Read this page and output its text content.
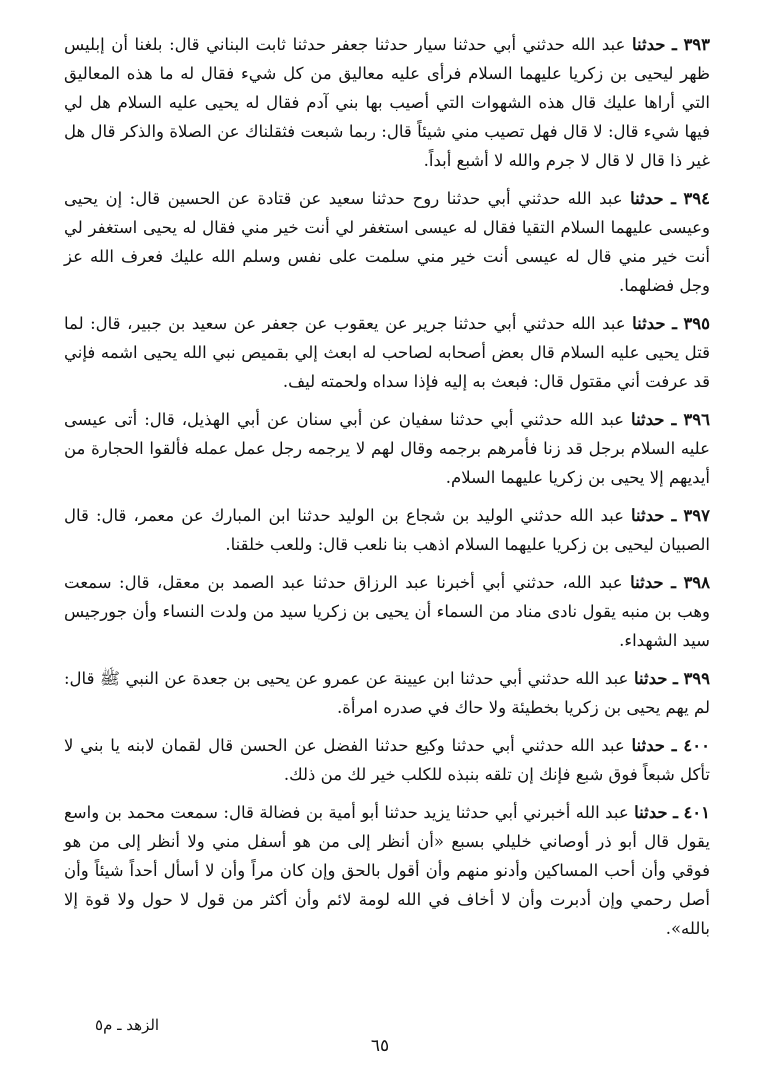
٣٩٣ ـ حدثنا عبد الله حدثني أبي حدثنا سيار حدثنا جعفر حدثنا ثابت البناني قال: بلغنا أن إبليس ظهر ليحيى بن زكريا عليهما السلام فرأى عليه معاليق من كل شيء فقال له ما هذه المعاليق التي أراها عليك قال هذه الشهوات التي أصيب بها بني آدم فقال له يحيى عليه السلام هل لي فيها شيء قال: لا قال فهل تصيب مني شيئاً قال: ربما شبعت فثقلناك عن الصلاة والذكر قال هل غير ذا قال لا قال لا جرم والله لا أشبع أبداً.

٣٩٤ ـ حدثنا عبد الله حدثني أبي حدثنا روح حدثنا سعيد عن قتادة عن الحسين قال: إن يحيى وعيسى عليهما السلام التقيا فقال له عيسى استغفر لي أنت خير مني فقال له يحيى استغفر لي أنت خير مني قال له عيسى أنت خير مني سلمت على نفس وسلم الله عليك فعرف الله عز وجل فضلهما.

٣٩٥ ـ حدثنا عبد الله حدثني أبي حدثنا جرير عن يعقوب عن جعفر عن سعيد بن جبير، قال: لما قتل يحيى عليه السلام قال بعض أصحابه لصاحب له ابعث إلي بقميص نبي الله يحيى اشمه فإني قد عرفت أني مقتول قال: فبعث به إليه فإذا سداه ولحمته ليف.

٣٩٦ ـ حدثنا عبد الله حدثني أبي حدثنا سفيان عن أبي سنان عن أبي الهذيل، قال: أتى عيسى عليه السلام برجل قد زنا فأمرهم برجمه وقال لهم لا يرجمه رجل عمل عمله فألقوا الحجارة من أيديهم إلا يحيى بن زكريا عليهما السلام.

٣٩٧ ـ حدثنا عبد الله حدثني الوليد بن شجاع بن الوليد حدثنا ابن المبارك عن معمر، قال: قال الصبيان ليحيى بن زكريا عليهما السلام اذهب بنا نلعب قال: وللعب خلقنا.

٣٩٨ ـ حدثنا عبد الله، حدثني أبي أخبرنا عبد الرزاق حدثنا عبد الصمد بن معقل، قال: سمعت وهب بن منبه يقول نادى مناد من السماء أن يحيى بن زكريا سيد من ولدت النساء وأن جورجيس سيد الشهداء.

٣٩٩ ـ حدثنا عبد الله حدثني أبي حدثنا ابن عيينة عن عمرو عن يحيى بن جعدة عن النبي ﷺ قال: لم يهم يحيى بن زكريا بخطيئة ولا حاك في صدره امرأة.

٤٠٠ ـ حدثنا عبد الله حدثني أبي حدثنا وكيع حدثنا الفضل عن الحسن قال لقمان لابنه يا بني لا تأكل شبعاً فوق شبع فإنك إن تلقه بنبذه للكلب خير لك من ذلك.

٤٠١ ـ حدثنا عبد الله أخبرني أبي حدثنا يزيد حدثنا أبو أمية بن فضالة قال: سمعت محمد بن واسع يقول قال أبو ذر أوصاني خليلي بسبع «أن أنظر إلى من هو أسفل مني ولا أنظر إلى من هو فوقي وأن أحب المساكين وأدنو منهم وأن أقول بالحق وإن كان مراً وأن لا أسأل أحداً شيئاً وأن أصل رحمي وإن أدبرت وأن لا أخاف في الله لومة لائم وأن أكثر من قول لا حول ولا قوة إلا بالله».

الزهد ـ م٥
٦٥
